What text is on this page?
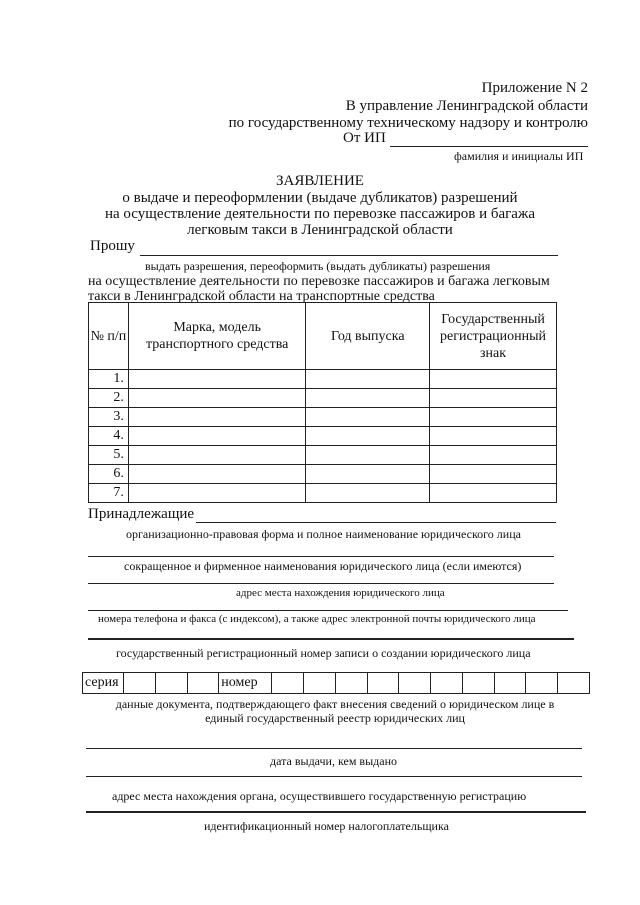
Приложение N 2
В управление Ленинградской области
по государственному техническому надзору и контролю
От ИП
фамилия и инициалы ИП
ЗАЯВЛЕНИЕ
о выдаче и переоформлении (выдаче дубликатов) разрешений
на осуществление деятельности по перевозке пассажиров и багажа
легковым такси в Ленинградской области
Прошу
выдать разрешения, переоформить (выдать дубликаты) разрешения
на осуществление деятельности по перевозке пассажиров и багажа легковым
такси в Ленинградской области на транспортные средства
№ п/п	Марка, модель транспортного средства	Год выпуска	Государственный регистрационный знак
1.			
2.			
3.			
4.			
5.			
6.			
7.			
Принадлежащие
организационно-правовая форма и полное наименование юридического лица
сокращенное и фирменное наименования юридического лица (если имеются)
адрес места нахождения юридического лица
номера телефона и факса (с индексом), а также адрес электронной почты юридического лица
государственный регистрационный номер записи о создании юридического лица
серия				номер										
данные документа, подтверждающего факт внесения сведений о юридическом лице в
единый государственный реестр юридических лиц
дата выдачи, кем выдано
адрес места нахождения органа, осуществившего государственную регистрацию
идентификационный номер налогоплательщика
